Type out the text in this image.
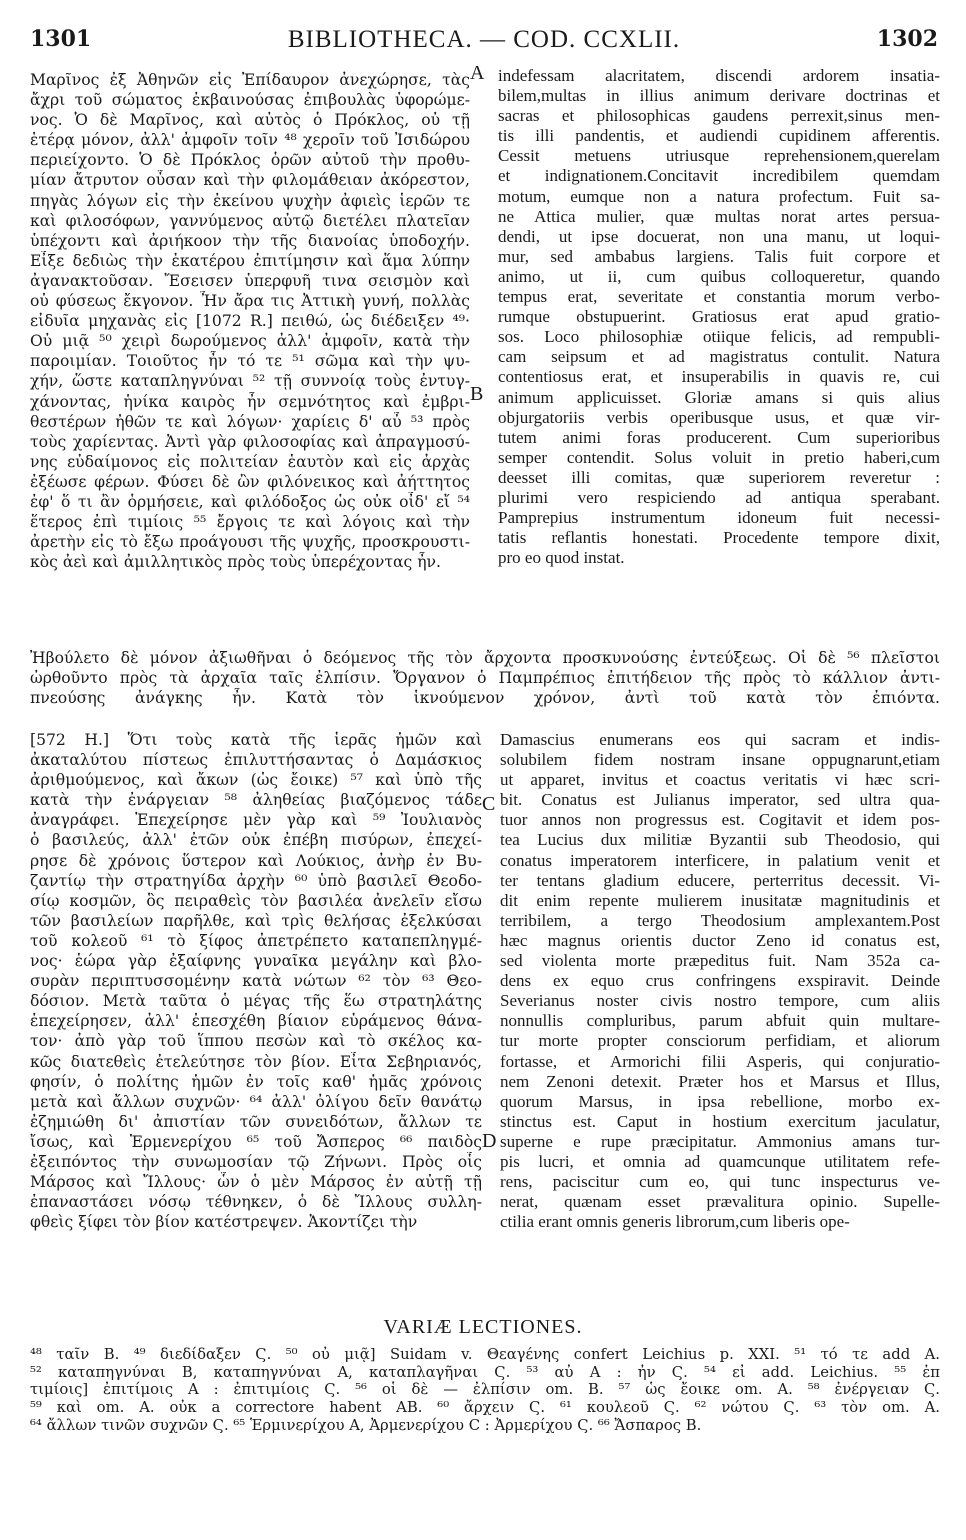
1301	BIBLIOTHECA. — COD. CCXLII.	1302
A
B
C
D
Μαρῖνος ἐξ Ἀθηνῶν εἰς Ἐπίδαυρον ἀνεχώρησε, τὰς
ἄχρι τοῦ σώματος ἐκβαινούσας ἐπιβουλὰς ὑφορώμε-
νος. Ὁ δὲ Μαρῖνος, καὶ αὐτὸς ὁ Πρόκλος, οὐ τῇ
ἑτέρᾳ μόνον, ἀλλ' ἀμφοῖν τοῖν ⁴⁸ χεροῖν τοῦ Ἰσιδώρου
περιείχοντο. Ὁ δὲ Πρόκλος ὁρῶν αὐτοῦ τὴν προθυ-
μίαν ἄτρυτον οὖσαν καὶ τὴν φιλομάθειαν ἀκόρεστον,
πηγὰς λόγων εἰς τὴν ἐκείνου ψυχὴν ἀφιεὶς ἱερῶν τε
καὶ φιλοσόφων, γαννύμενος αὐτῷ διετέλει πλατεῖαν
ὑπέχοντι καὶ ἀριήκοον τὴν τῆς διανοίας ὑποδοχήν.
Εἶξε δεδιὼς τὴν ἑκατέρου ἐπιτίμησιν καὶ ἅμα λύπην
ἀγανακτοῦσαν. Ἔσεισεν ὑπερφυῆ τινα σεισμὸν καὶ
οὐ φύσεως ἔκγονον. Ἦν ἄρα τις Ἀττικὴ γυνή, πολλὰς
εἰδυῖα μηχανὰς εἰς [1072 R.] πειθώ, ὡς διέδειξεν ⁴⁹·
Οὐ μιᾷ ⁵⁰ χειρὶ δωρούμενος ἀλλ' ἀμφοῖν, κατὰ τὴν
παροιμίαν. Τοιοῦτος ἦν τό τε ⁵¹ σῶμα καὶ τὴν ψυ-
χήν, ὥστε καταπληγνύναι ⁵² τῇ συννοίᾳ τοὺς ἐντυγ-
χάνοντας, ἡνίκα καιρὸς ἦν σεμνότητος καὶ ἐμβρι-
θεστέρων ἠθῶν τε καὶ λόγων· χαρίεις δ' αὖ ⁵³ πρὸς
τοὺς χαρίεντας. Ἀντὶ γὰρ φιλοσοφίας καὶ ἀπραγμοσύ-
νης εὐδαίμονος εἰς πολιτείαν ἑαυτὸν καὶ εἰς ἀρχὰς
ἐξέωσε φέρων. Φύσει δὲ ὢν φιλόνεικος καὶ ἀήττητος
ἐφ' ὅ τι ἂν ὁρμήσειε, καὶ φιλόδοξος ὡς οὐκ οἶδ' εἴ ⁵⁴
ἕτερος ἐπὶ τιμίοις ⁵⁵ ἔργοις τε καὶ λόγοις καὶ τὴν
ἀρετὴν εἰς τὸ ἔξω προάγουσι τῆς ψυχῆς, προσκρουστι-
κὸς ἀεὶ καὶ ἀμιλλητικὸς πρὸς τοὺς ὑπερέχοντας ἦν.
indefessam alacritatem, discendi ardorem insatia-
bilem,multas in illius animum derivare doctrinas et
sacras et philosophicas gaudens perrexit,sinus men-
tis illi pandentis, et audiendi cupidinem afferentis.
Cessit metuens utriusque reprehensionem,querelam
et indignationem.Concitavit incredibilem quemdam
motum, eumque non a natura profectum. Fuit sa-
ne Attica mulier, quæ multas norat artes persua-
dendi, ut ipse docuerat, non una manu, ut loqui-
mur, sed ambabus largiens. Talis fuit corpore et
animo, ut ii, cum quibus colloqueretur, quando
tempus erat, severitate et constantia morum verbo-
rumque obstupuerint. Gratiosus erat apud gratio-
sos. Loco philosophiæ otiique felicis, ad rempubli-
cam seipsum et ad magistratus contulit. Natura
contentiosus erat, et insuperabilis in quavis re, cui
animum applicuisset. Gloriæ amans si quis alius
objurgatoriis verbis operibusque usus, et quæ vir-
tutem animi foras producerent. Cum superioribus
semper contendit. Solus voluit in pretio haberi,cum
deesset illi comitas, quæ superiorem reveretur :
plurimi vero respiciendo ad antiqua sperabant.
Pamprepius instrumentum idoneum fuit necessi-
tatis reflantis honestati. Procedente tempore dixit,
pro eo quod instat.
Ἠβούλετο δὲ μόνον ἀξιωθῆναι ὁ δεόμενος τῆς τὸν ἄρχοντα προσκυνούσης ἐντεύξεως. Οἱ δὲ ⁵⁶ πλεῖστοι
ὠρθοῦντο πρὸς τὰ ἀρχαῖα ταῖς ἐλπίσιν. Ὄργανον ὁ Παμπρέπιος ἐπιτήδειον τῆς πρὸς τὸ κάλλιον ἀντι-
πνεούσης ἀνάγκης ἦν. Κατὰ τὸν ἱκνούμενον χρόνον, ἀντὶ τοῦ κατὰ τὸν ἐπιόντα.
[572 H.] Ὅτι τοὺς κατὰ τῆς ἱερᾶς ἡμῶν καὶ
ἀκαταλύτου πίστεως ἐπιλυττήσαντας ὁ Δαμάσκιος
ἀριθμούμενος, καὶ ἄκων (ὡς ἔοικε) ⁵⁷ καὶ ὑπὸ τῆς
κατὰ τὴν ἐνάργειαν ⁵⁸ ἀληθείας βιαζόμενος τάδε
ἀναγράφει. Ἐπεχείρησε μὲν γὰρ καὶ ⁵⁹ Ἰουλιανὸς
ὁ βασιλεύς, ἀλλ' ἐτῶν οὐκ ἐπέβη πισύρων, ἐπεχεί-
ρησε δὲ χρόνοις ὕστερον καὶ Λούκιος, ἀνὴρ ἐν Βυ-
ζαντίῳ τὴν στρατηγίδα ἀρχὴν ⁶⁰ ὑπὸ βασιλεῖ Θεοδο-
σίῳ κοσμῶν, ὃς πειραθεὶς τὸν βασιλέα ἀνελεῖν εἴσω
τῶν βασιλείων παρῆλθε, καὶ τρὶς θελήσας ἐξελκύσαι
τοῦ κολεοῦ ⁶¹ τὸ ξίφος ἀπετρέπετο καταπεπληγμέ-
νος· ἑώρα γὰρ ἐξαίφνης γυναῖκα μεγάλην καὶ βλο-
συρὰν περιπτυσσομένην κατὰ νώτων ⁶² τὸν ⁶³ Θεο-
δόσιον. Μετὰ ταῦτα ὁ μέγας τῆς ἕω στρατηλάτης
ἐπεχείρησεν, ἀλλ' ἐπεσχέθη βίαιον εὑράμενος θάνα-
τον· ἀπὸ γὰρ τοῦ ἵππου πεσὼν καὶ τὸ σκέλος κα-
κῶς διατεθεὶς ἐτελεύτησε τὸν βίον. Εἶτα Σεβηριανός,
φησίν, ὁ πολίτης ἡμῶν ἐν τοῖς καθ' ἡμᾶς χρόνοις
μετὰ καὶ ἄλλων συχνῶν· ⁶⁴ ἀλλ' ὀλίγου δεῖν θανάτῳ
ἐζημιώθη δι' ἀπιστίαν τῶν συνειδότων, ἄλλων τε
ἴσως, καὶ Ἑρμενερίχου ⁶⁵ τοῦ Ἄσπερος ⁶⁶ παιδὸς
ἐξειπόντος τὴν συνωμοσίαν τῷ Ζήνωνι. Πρὸς οἷς
Μάρσος καὶ Ἴλλους· ὧν ὁ μὲν Μάρσος ἐν αὐτῇ τῇ
ἐπαναστάσει νόσῳ τέθνηκεν, ὁ δὲ Ἴλλους συλλη-
φθεὶς ξίφει τὸν βίον κατέστρεψεν. Ἀκοντίζει τὴν
Damascius enumerans eos qui sacram et indis-
solubilem fidem nostram insane oppugnarunt,etiam
ut apparet, invitus et coactus veritatis vi hæc scri-
bit. Conatus est Julianus imperator, sed ultra qua-
tuor annos non progressus est. Cogitavit et idem pos-
tea Lucius dux militiæ Byzantii sub Theodosio, qui
conatus imperatorem interficere, in palatium venit et
ter tentans gladium educere, perterritus decessit. Vi-
dit enim repente mulierem inusitatæ magnitudinis et
terribilem, a tergo Theodosium amplexantem.Post
hæc magnus orientis ductor Zeno id conatus est,
sed violenta morte præpeditus fuit. Nam 352a ca-
dens ex equo crus confringens exspiravit. Deinde
Severianus noster civis nostro tempore, cum aliis
nonnullis compluribus, parum abfuit quin multare-
tur morte propter consciorum perfidiam, et aliorum
fortasse, et Armorichi filii Asperis, qui conjuratio-
nem Zenoni detexit. Præter hos et Marsus et Illus,
quorum Marsus, in ipsa rebellione, morbo ex-
stinctus est. Caput in hostium exercitum jaculatur,
superne e rupe præcipitatur. Ammonius amans tur-
pis lucri, et omnia ad quamcunque utilitatem refe-
rens, paciscitur cum eo, qui tunc inspecturus ve-
nerat, quænam esset prævalitura opinio. Supelle-
ctilia erant omnis generis librorum,cum liberis ope-
VARIÆ LECTIONES.
⁴⁸ ταῖν B. ⁴⁹ διεδίδαξεν Ϛ. ⁵⁰ οὐ μιᾷ] Suidam v. Θεαγένης confert Leichius p. XXI. ⁵¹ τό τε add A.
⁵² καταπηγνύναι B, καταπηγνύναι A, καταπλαγῆναι Ϛ. ⁵³ αὖ A : ἦν Ϛ. ⁵⁴ εἰ add. Leichius. ⁵⁵ ἐπ
τιμίοις] ἐπιτίμοις A : ἐπιτιμίοις Ϛ. ⁵⁶ οἱ δὲ — ἐλπίσιν om. B. ⁵⁷ ὡς ἔοικε om. A. ⁵⁸ ἐνέργειαν Ϛ.
⁵⁹ καὶ om. A. οὐκ a correctore habent AB. ⁶⁰ ἄρχειν Ϛ. ⁶¹ κουλεοῦ Ϛ. ⁶² νώτου Ϛ. ⁶³ τὸν om. A.
⁶⁴ ἄλλων τινῶν συχνῶν Ϛ. ⁶⁵ Ἑρμινερίχου A, Ἀρμενερίχου C : Ἀρμερίχου Ϛ. ⁶⁶ Ἄσπαρος B.
